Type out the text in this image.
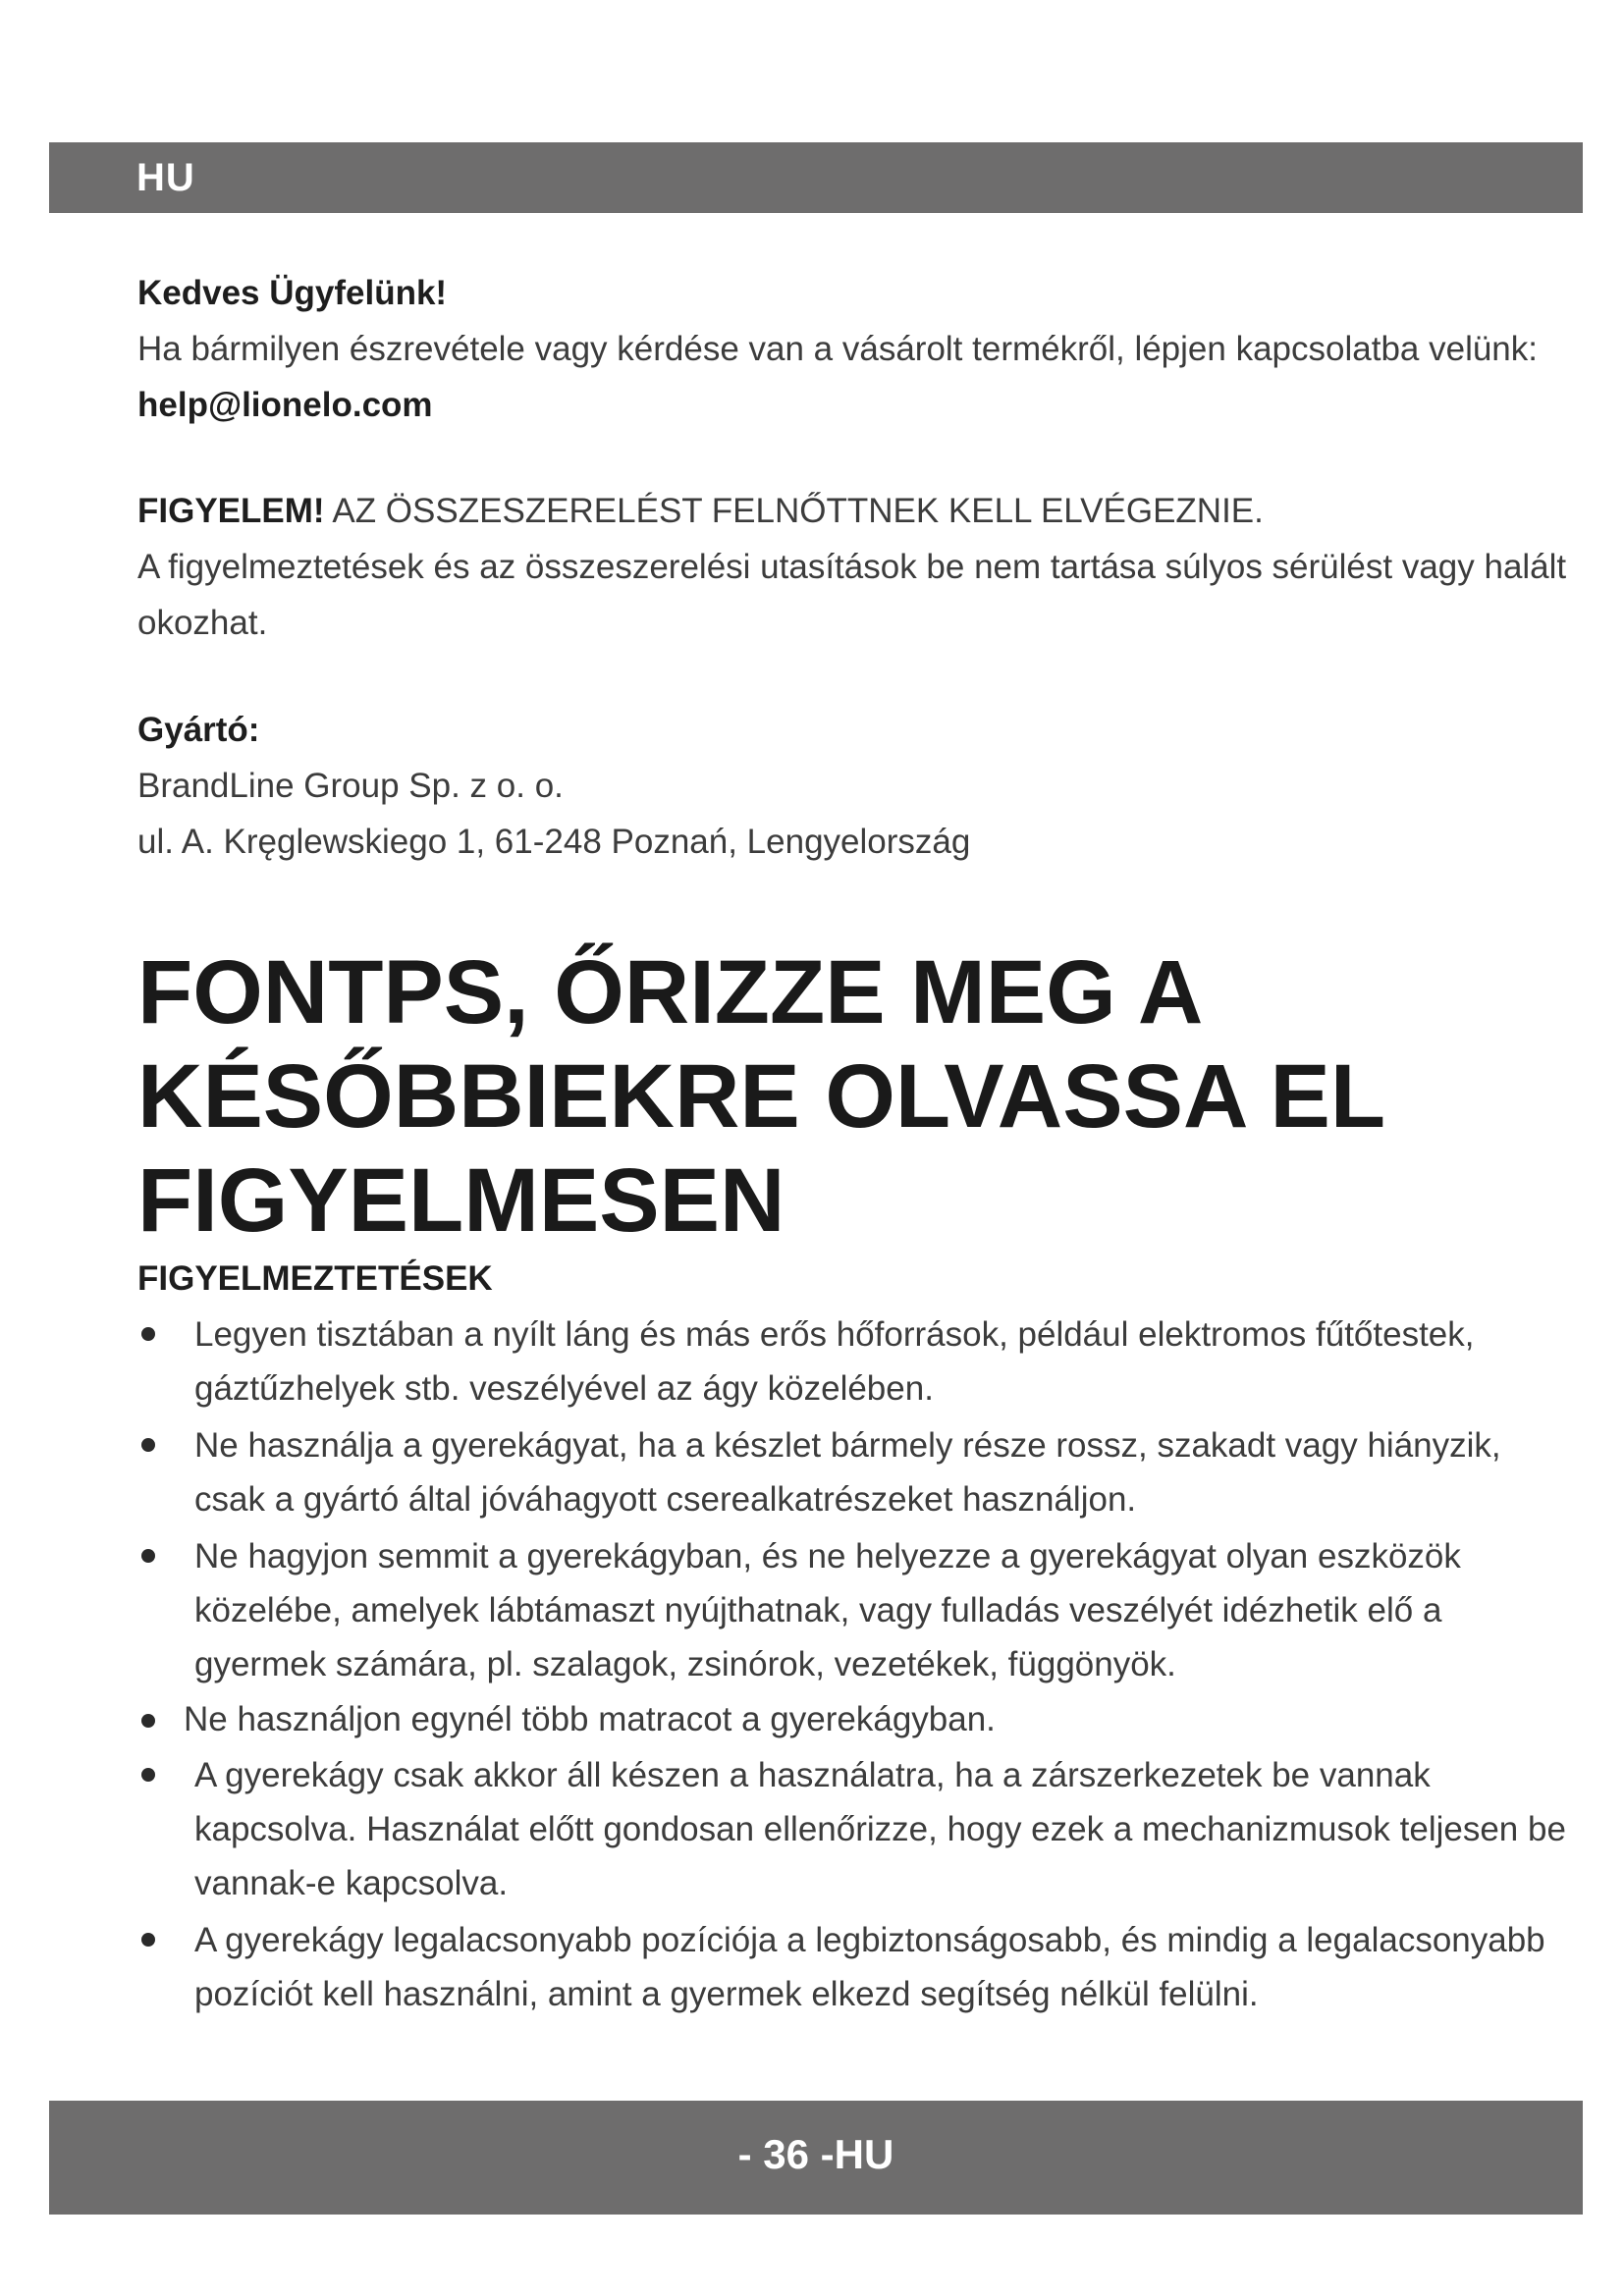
HU

Kedves Ügyfelünk!
Ha bármilyen észrevétele vagy kérdése van a vásárolt termékről, lépjen kapcsolatba velünk: help@lionelo.com

FIGYELEM! AZ ÖSSZESZERELÉST FELNŐTTNEK KELL ELVÉGEZNIE.
A figyelmeztetések és az összeszerelési utasítások be nem tartása súlyos sérülést vagy halált okozhat.

Gyártó:
BrandLine Group Sp. z o. o.
ul. A. Kręglewskiego 1, 61-248 Poznań, Lengyelország

FONTPS, ŐRIZZE MEG A KÉSŐBBIEKRE OLVASSA EL FIGYELMESEN
FIGYELMEZTETÉSEK
Legyen tisztában a nyílt láng és más erős hőforrások, például elektromos fűtőtestek, gáztűzhelyek stb. veszélyével az ágy közelében.
Ne használja a gyerekágyat, ha a készlet bármely része rossz, szakadt vagy hiányzik, csak a gyártó által jóváhagyott cserealkatrészeket használjon.
Ne hagyjon semmit a gyerekágyban, és ne helyezze a gyerekágyat olyan eszközök közelébe, amelyek lábtámaszt nyújthatnak, vagy fulladás veszélyét idézhetik elő a gyermek számára, pl. szalagok, zsinórok, vezetékek, függönyök.
Ne használjon egynél több matracot a gyerekágyban.
A gyerekágy csak akkor áll készen a használatra, ha a zárszerkezetek be vannak kapcsolva. Használat előtt gondosan ellenőrizze, hogy ezek a mechanizmusok teljesen be vannak-e kapcsolva.
A gyerekágy legalacsonyabb pozíciója a legbiztonságosabb, és mindig a legalacsonyabb pozíciót kell használni, amint a gyermek elkezd segítség nélkül felülni.
- 36 -HU
